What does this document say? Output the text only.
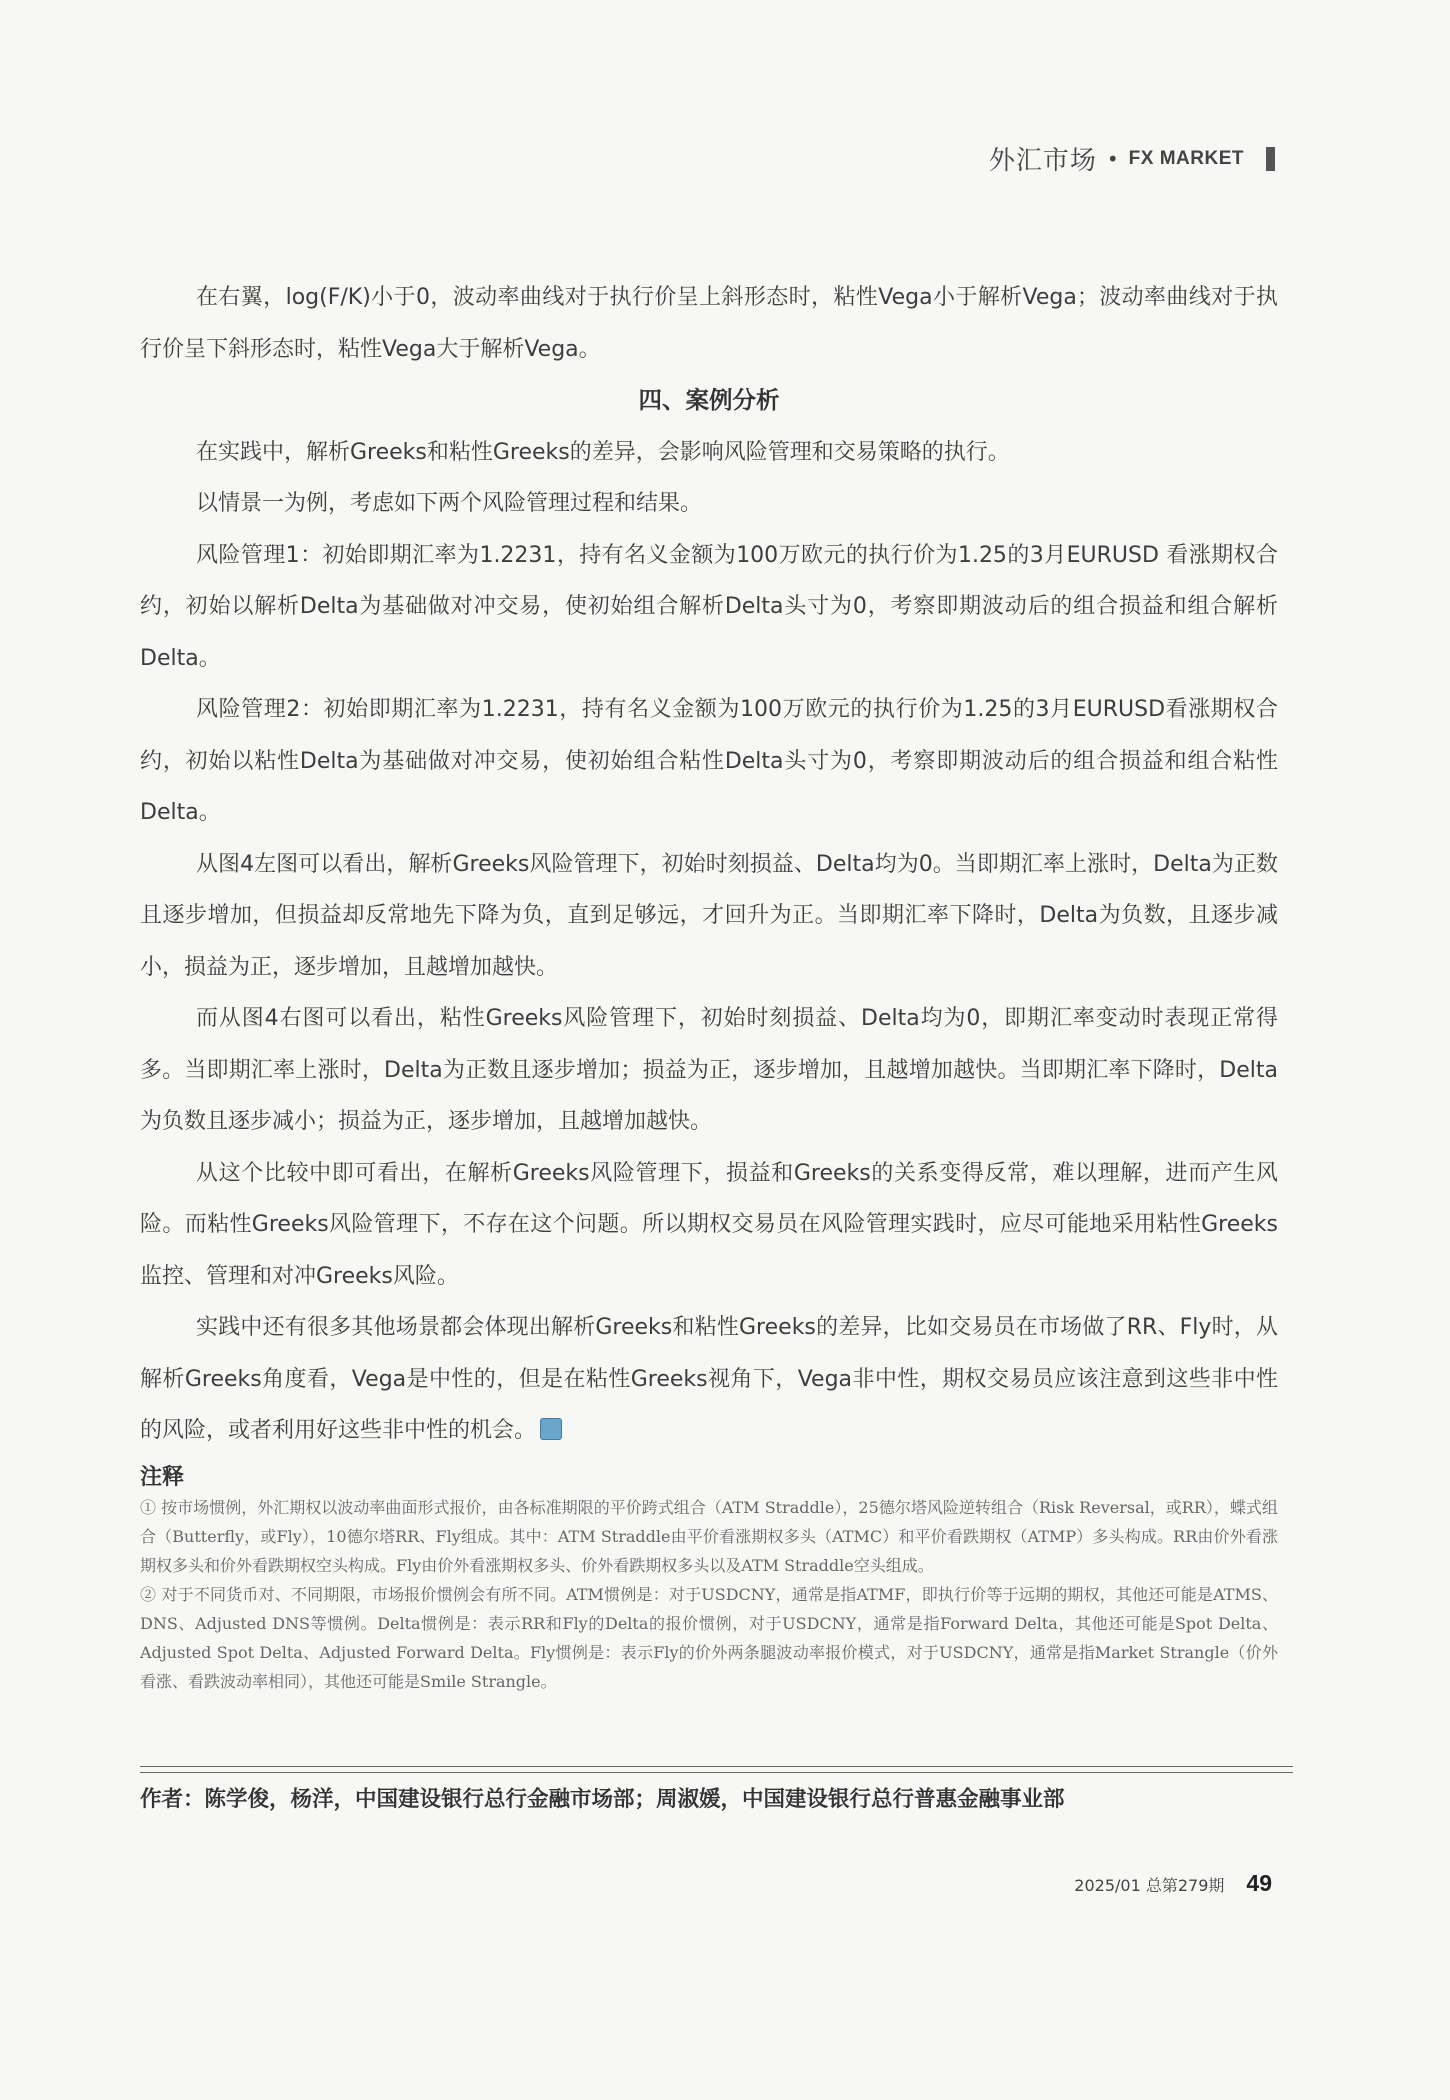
外汇市场 • FX MARKET

在右翼，log(F/K)小于0，波动率曲线对于执行价呈上斜形态时，粘性Vega小于解析Vega；波动率曲线对于执行价呈下斜形态时，粘性Vega大于解析Vega。

四、案例分析

在实践中，解析Greeks和粘性Greeks的差异，会影响风险管理和交易策略的执行。

以情景一为例，考虑如下两个风险管理过程和结果。

风险管理1：初始即期汇率为1.2231，持有名义金额为100万欧元的执行价为1.25的3月EURUSD 看涨期权合约，初始以解析Delta为基础做对冲交易，使初始组合解析Delta头寸为0，考察即期波动后的组合损益和组合解析Delta。

风险管理2：初始即期汇率为1.2231，持有名义金额为100万欧元的执行价为1.25的3月EURUSD看涨期权合约，初始以粘性Delta为基础做对冲交易，使初始组合粘性Delta头寸为0，考察即期波动后的组合损益和组合粘性Delta。

从图4左图可以看出，解析Greeks风险管理下，初始时刻损益、Delta均为0。当即期汇率上涨时，Delta为正数且逐步增加，但损益却反常地先下降为负，直到足够远，才回升为正。当即期汇率下降时，Delta为负数，且逐步减小，损益为正，逐步增加，且越增加越快。

而从图4右图可以看出，粘性Greeks风险管理下，初始时刻损益、Delta均为0，即期汇率变动时表现正常得多。当即期汇率上涨时，Delta为正数且逐步增加；损益为正，逐步增加，且越增加越快。当即期汇率下降时，Delta为负数且逐步减小；损益为正，逐步增加，且越增加越快。

从这个比较中即可看出，在解析Greeks风险管理下，损益和Greeks的关系变得反常，难以理解，进而产生风险。而粘性Greeks风险管理下，不存在这个问题。所以期权交易员在风险管理实践时，应尽可能地采用粘性Greeks监控、管理和对冲Greeks风险。

实践中还有很多其他场景都会体现出解析Greeks和粘性Greeks的差异，比如交易员在市场做了RR、Fly时，从解析Greeks角度看，Vega是中性的，但是在粘性Greeks视角下，Vega非中性，期权交易员应该注意到这些非中性的风险，或者利用好这些非中性的机会。

注释

① 按市场惯例，外汇期权以波动率曲面形式报价，由各标准期限的平价跨式组合（ATM Straddle），25德尔塔风险逆转组合（Risk Reversal，或RR），蝶式组合（Butterfly，或Fly），10德尔塔RR、Fly组成。其中：ATM Straddle由平价看涨期权多头（ATMC）和平价看跌期权（ATMP）多头构成。RR由价外看涨期权多头和价外看跌期权空头构成。Fly由价外看涨期权多头、价外看跌期权多头以及ATM Straddle空头组成。

② 对于不同货币对、不同期限，市场报价惯例会有所不同。ATM惯例是：对于USDCNY，通常是指ATMF，即执行价等于远期的期权，其他还可能是ATMS、DNS、Adjusted DNS等惯例。Delta惯例是：表示RR和Fly的Delta的报价惯例，对于USDCNY，通常是指Forward Delta，其他还可能是Spot Delta、Adjusted Spot Delta、Adjusted Forward Delta。Fly惯例是：表示Fly的价外两条腿波动率报价模式，对于USDCNY，通常是指Market Strangle（价外看涨、看跌波动率相同），其他还可能是Smile Strangle。

作者：陈学俊，杨洋，中国建设银行总行金融市场部；周淑媛，中国建设银行总行普惠金融事业部
2025/01 总第279期 49
